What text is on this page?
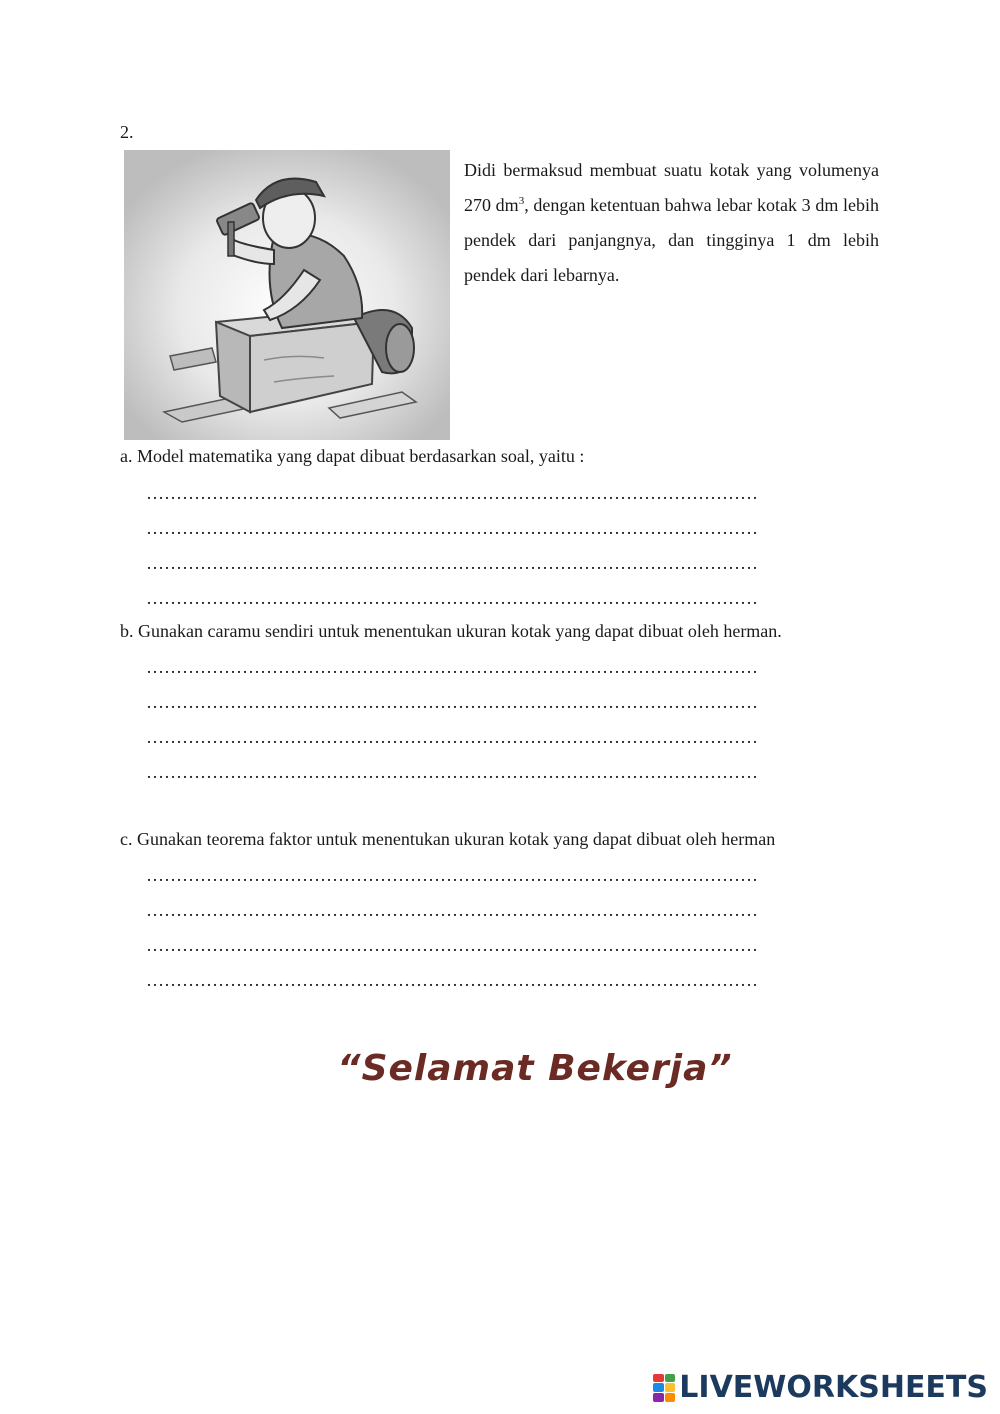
2.
Didi bermaksud membuat suatu kotak yang volumenya 270 $dm^3$, dengan ketentuan bahwa lebar kotak 3 dm lebih pendek dari panjangnya, dan tingginya 1 dm lebih pendek dari lebarnya.
a. Model matematika yang dapat dibuat berdasarkan soal, yaitu :
…………………………………………………………………………………………
…………………………………………………………………………………………
…………………………………………………………………………………………
…………………………………………………………………………………………
b. Gunakan caramu sendiri untuk menentukan ukuran kotak yang dapat dibuat oleh herman.
…………………………………………………………………………………………
…………………………………………………………………………………………
…………………………………………………………………………………………
…………………………………………………………………………………………
c. Gunakan teorema faktor untuk menentukan ukuran kotak yang dapat dibuat oleh herman
…………………………………………………………………………………………
…………………………………………………………………………………………
…………………………………………………………………………………………
…………………………………………………………………………………………
“Selamat Bekerja”
LIVEWORKSHEETS
